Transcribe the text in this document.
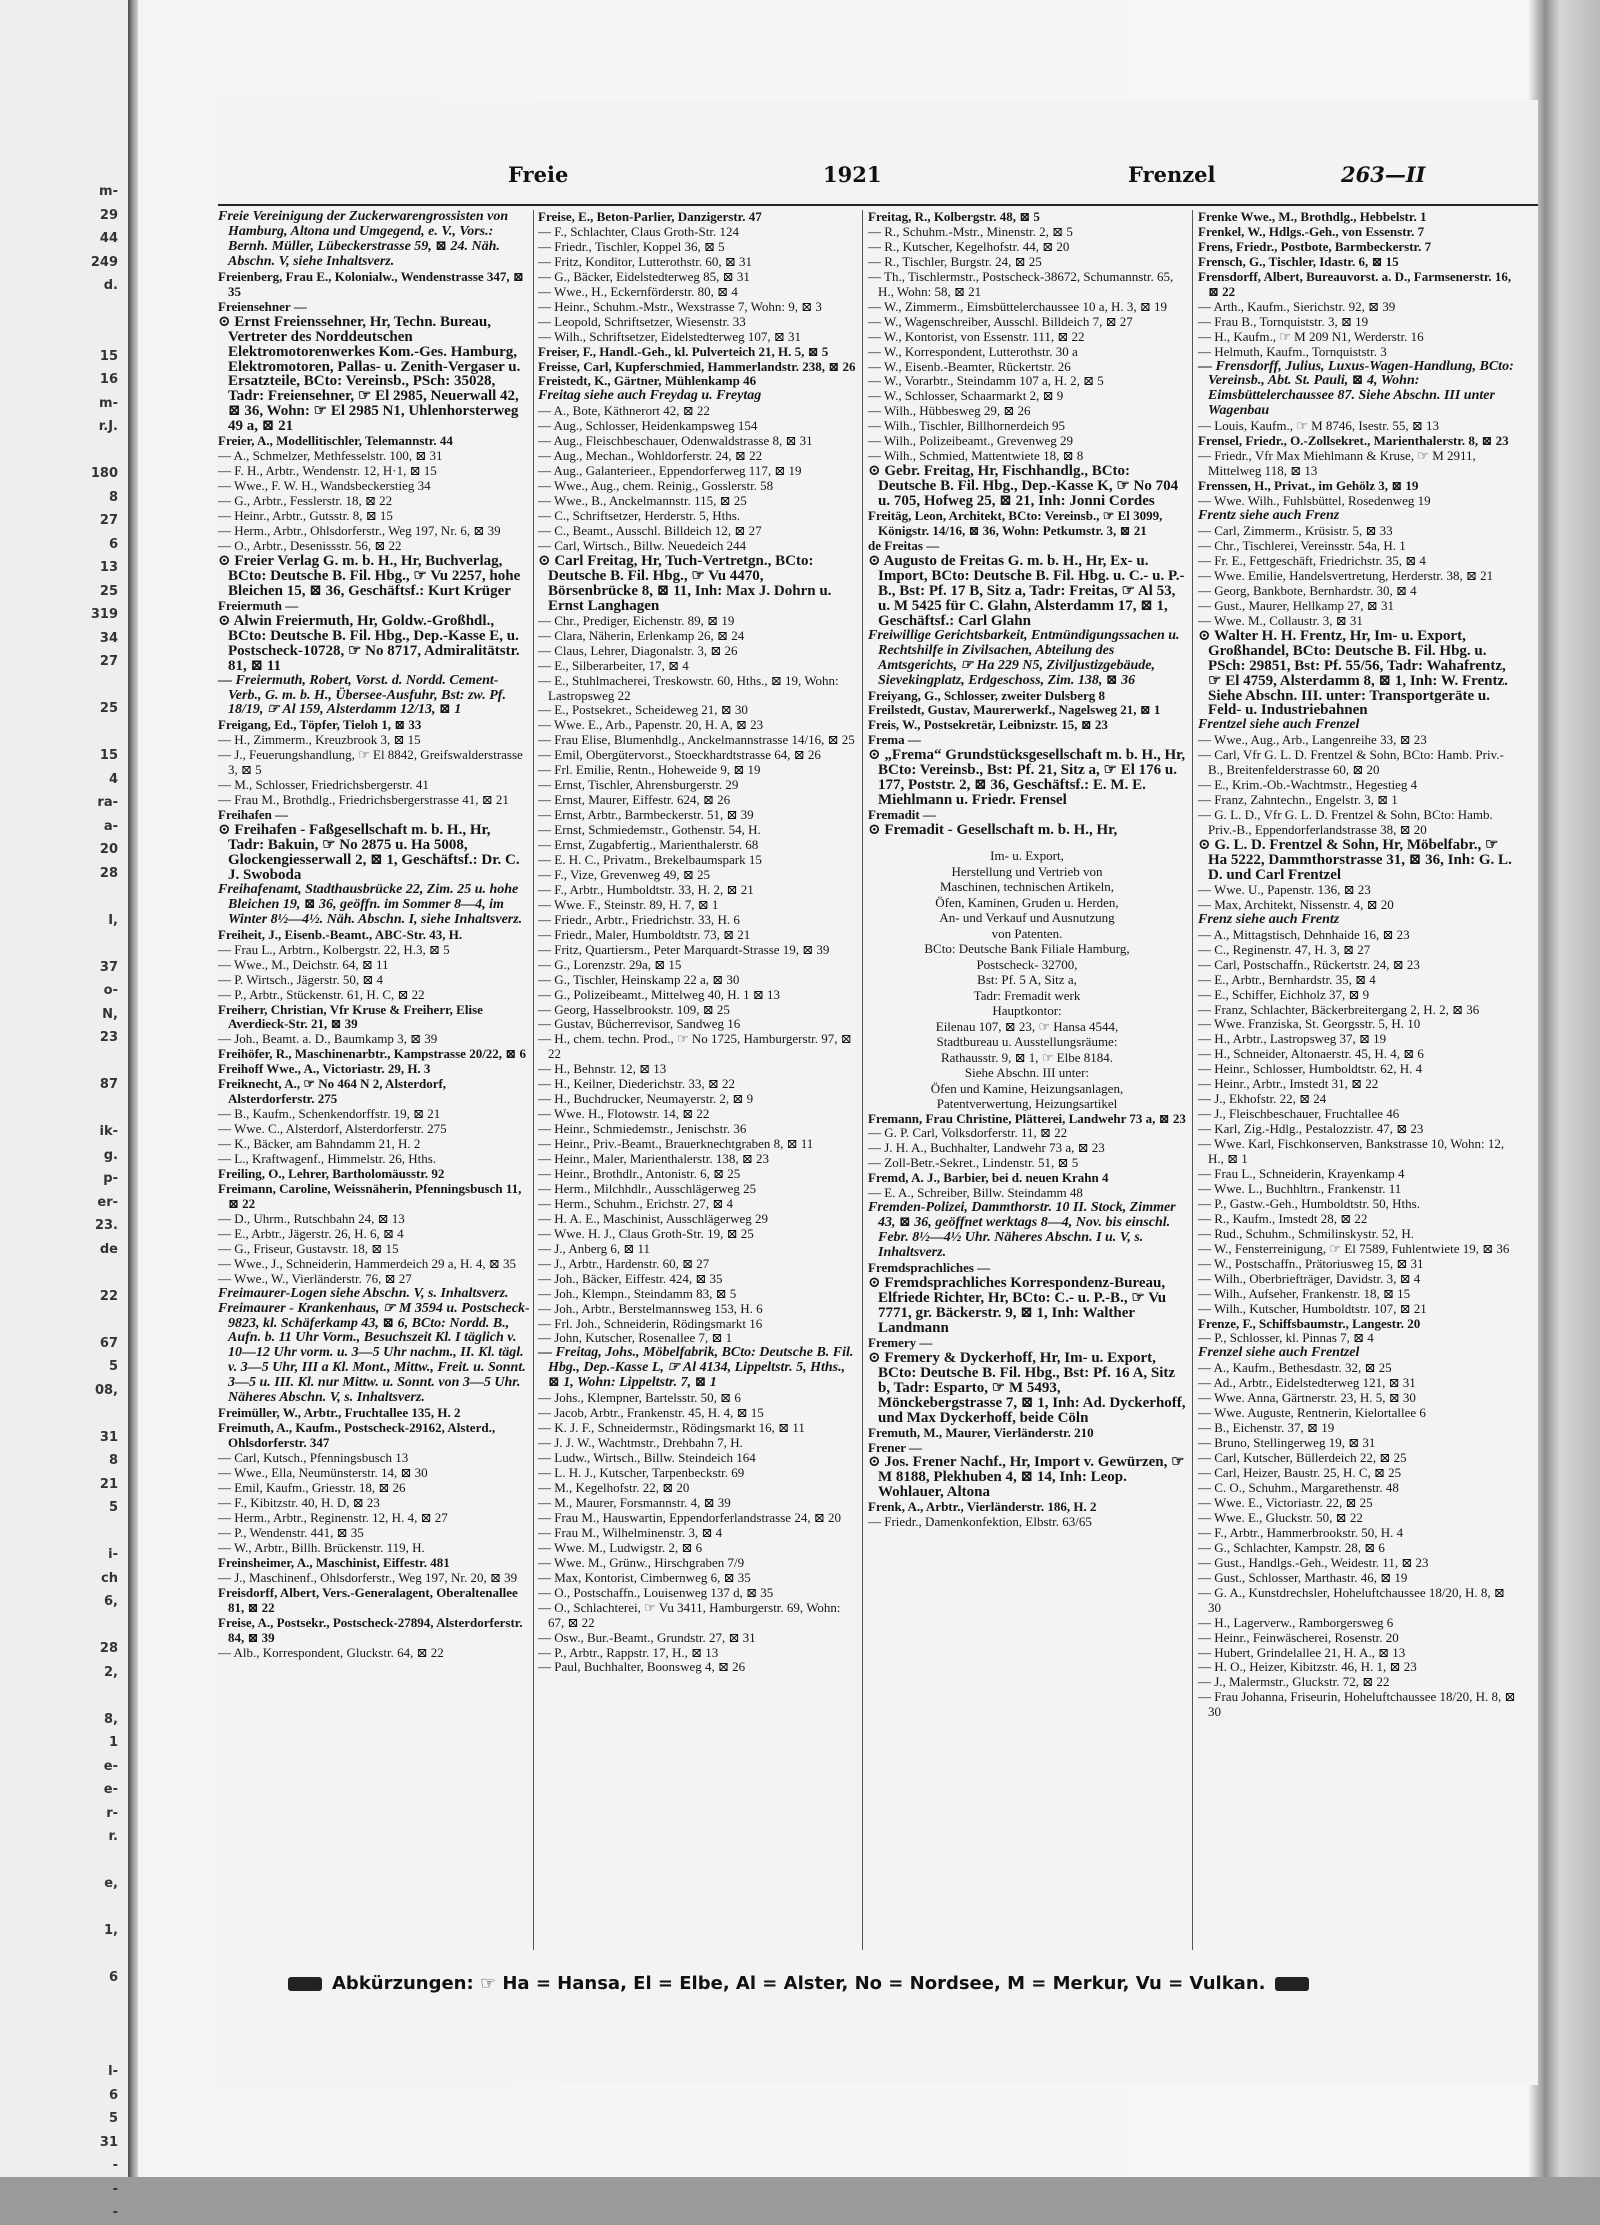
m-
29
44
249
d.

15
16
m-
r.J.

180
8
27
6
13
25
319
34
27

25

15
4
ra-
a-
20
28

I,

37
o-
N,
23

87

ik-
g.
p-
er-
23.
de

22

67
5
08,

31
8
21
5

i-
ch
6,

28
2,

8,
1
e-
e-
r-
r.

e,

1,

6

l-
6
5
31
-
-
-
Freie	1921	Frenzel	263—II

Freie Vereinigung der Zuckerwarengrossisten von Hamburg, Altona und Umgegend, e. V., Vors.: Bernh. Müller, Lübeckerstrasse 59, ⊠ 24. Näh. Abschn. V, siehe Inhaltsverz.

Freienberg, Frau E., Kolonialw., Wendenstrasse 347, ⊠ 35

Freiensehner —

⊙ Ernst Freienssehner, Hr, Techn. Bureau, Vertreter des Norddeutschen Elektromotorenwerkes Kom.-Ges. Hamburg, Elektromotoren, Pallas- u. Zenith-Vergaser u. Ersatzteile, BCto: Vereinsb., PSch: 35028, Tadr: Freiensehner, ☞ El 2985, Neuerwall 42, ⊠ 36, Wohn: ☞ El 2985 N1, Uhlenhorsterweg 49 a, ⊠ 21

Freier, A., Modellitischler, Telemannstr. 44

— A., Schmelzer, Methfesselstr. 100, ⊠ 31

— F. H., Arbtr., Wendenstr. 12, H·1, ⊠ 15

— Wwe., F. W. H., Wandsbeckerstieg 34

— G., Arbtr., Fesslerstr. 18, ⊠ 22

— Heinr., Arbtr., Gutsstr. 8, ⊠ 15

— Herm., Arbtr., Ohlsdorferstr., Weg 197, Nr. 6, ⊠ 39

— O., Arbtr., Desenissstr. 56, ⊠ 22

⊙ Freier Verlag G. m. b. H., Hr, Buchverlag, BCto: Deutsche B. Fil. Hbg., ☞ Vu 2257, hohe Bleichen 15, ⊠ 36, Geschäftsf.: Kurt Krüger

Freiermuth —

⊙ Alwin Freiermuth, Hr, Goldw.-Großhdl., BCto: Deutsche B. Fil. Hbg., Dep.-Kasse E, u. Postscheck-10728, ☞ No 8717, Admiralitätstr. 81, ⊠ 11

— Freiermuth, Robert, Vorst. d. Nordd. Cement-Verb., G. m. b. H., Übersee-Ausfuhr, Bst: zw. Pf. 18/19, ☞ Al 159, Alsterdamm 12/13, ⊠ 1

Freigang, Ed., Töpfer, Tieloh 1, ⊠ 33

— H., Zimmerm., Kreuzbrook 3, ⊠ 15

— J., Feuerungshandlung, ☞ El 8842, Greifswalderstrasse 3, ⊠ 5

— M., Schlosser, Friedrichsbergerstr. 41

— Frau M., Brothdlg., Friedrichsbergerstrasse 41, ⊠ 21

Freihafen —

⊙ Freihafen - Faßgesellschaft m. b. H., Hr, Tadr: Bakuin, ☞ No 2875 u. Ha 5008, Glockengiesserwall 2, ⊠ 1, Geschäftsf.: Dr. C. J. Swoboda

Freihafenamt, Stadthausbrücke 22, Zim. 25 u. hohe Bleichen 19, ⊠ 36, geöffn. im Sommer 8—4, im Winter 8½—4½. Näh. Abschn. I, siehe Inhaltsverz.

Freiheit, J., Eisenb.-Beamt., ABC-Str. 43, H.

— Frau L., Arbtrn., Kolbergstr. 22, H.3, ⊠ 5

— Wwe., M., Deichstr. 64, ⊠ 11

— P. Wirtsch., Jägerstr. 50, ⊠ 4

— P., Arbtr., Stückenstr. 61, H. C, ⊠ 22

Freiherr, Christian, Vfr Kruse & Freiherr, Elise Averdieck-Str. 21, ⊠ 39

— Joh., Beamt. a. D., Baumkamp 3, ⊠ 39

Freihöfer, R., Maschinenarbtr., Kampstrasse 20/22, ⊠ 6

Freihoff Wwe., A., Victoriastr. 29, H. 3

Freiknecht, A., ☞ No 464 N 2, Alsterdorf, Alsterdorferstr. 275

— B., Kaufm., Schenkendorffstr. 19, ⊠ 21

— Wwe. C., Alsterdorf, Alsterdorferstr. 275

— K., Bäcker, am Bahndamm 21, H. 2

— L., Kraftwagenf., Himmelstr. 26, Hths.

Freiling, O., Lehrer, Bartholomäusstr. 92

Freimann, Caroline, Weissnäherin, Pfenningsbusch 11, ⊠ 22

— D., Uhrm., Rutschbahn 24, ⊠ 13

— E., Arbtr., Jägerstr. 26, H. 6, ⊠ 4

— G., Friseur, Gustavstr. 18, ⊠ 15

— Wwe., J., Schneiderin, Hammerdeich 29 a, H. 4, ⊠ 35

— Wwe., W., Vierländerstr. 76, ⊠ 27

Freimaurer-Logen siehe Abschn. V, s. Inhaltsverz.

Freimaurer - Krankenhaus, ☞ M 3594 u. Postscheck-9823, kl. Schäferkamp 43, ⊠ 6, BCto: Nordd. B., Aufn. b. 11 Uhr Vorm., Besuchszeit Kl. I täglich v. 10—12 Uhr vorm. u. 3—5 Uhr nachm., II. Kl. tägl. v. 3—5 Uhr, III a Kl. Mont., Mittw., Freit. u. Sonnt. 3—5 u. III. Kl. nur Mittw. u. Sonnt. von 3—5 Uhr. Näheres Abschn. V, s. Inhaltsverz.

Freimüller, W., Arbtr., Fruchtallee 135, H. 2

Freimuth, A., Kaufm., Postscheck-29162, Alsterd., Ohlsdorferstr. 347

— Carl, Kutsch., Pfenningsbusch 13

— Wwe., Ella, Neumünsterstr. 14, ⊠ 30

— Emil, Kaufm., Griesstr. 18, ⊠ 26

— F., Kibitzstr. 40, H. D, ⊠ 23

— Herm., Arbtr., Reginenstr. 12, H. 4, ⊠ 27

— P., Wendenstr. 441, ⊠ 35

— W., Arbtr., Billh. Brückenstr. 119, H.

Freinsheimer, A., Maschinist, Eiffestr. 481

— J., Maschinenf., Ohlsdorferstr., Weg 197, Nr. 20, ⊠ 39

Freisdorff, Albert, Vers.-Generalagent, Oberaltenallee 81, ⊠ 22

Freise, A., Postsekr., Postscheck-27894, Alsterdorferstr. 84, ⊠ 39

— Alb., Korrespondent, Gluckstr. 64, ⊠ 22

Freise, E., Beton-Parlier, Danzigerstr. 47

— F., Schlachter, Claus Groth-Str. 124

— Friedr., Tischler, Koppel 36, ⊠ 5

— Fritz, Konditor, Lutterothstr. 60, ⊠ 31

— G., Bäcker, Eidelstedterweg 85, ⊠ 31

— Wwe., H., Eckernförderstr. 80, ⊠ 4

— Heinr., Schuhm.-Mstr., Wexstrasse 7, Wohn: 9, ⊠ 3

— Leopold, Schriftsetzer, Wiesenstr. 33

— Wilh., Schriftsetzer, Eidelstedterweg 107, ⊠ 31

Freiser, F., Handl.-Geh., kl. Pulverteich 21, H. 5, ⊠ 5

Freisse, Carl, Kupferschmied, Hammerlandstr. 238, ⊠ 26

Freistedt, K., Gärtner, Mühlenkamp 46

Freitag siehe auch Freydag u. Freytag

— A., Bote, Käthnerort 42, ⊠ 22

— Aug., Schlosser, Heidenkampsweg 154

— Aug., Fleischbeschauer, Odenwaldstrasse 8, ⊠ 31

— Aug., Mechan., Wohldorferstr. 24, ⊠ 22

— Aug., Galanterieer., Eppendorferweg 117, ⊠ 19

— Wwe., Aug., chem. Reinig., Gosslerstr. 58

— Wwe., B., Anckelmannstr. 115, ⊠ 25

— C., Schriftsetzer, Herderstr. 5, Hths.

— C., Beamt., Ausschl. Billdeich 12, ⊠ 27

— Carl, Wirtsch., Billw. Neuedeich 244

⊙ Carl Freitag, Hr, Tuch-Vertretgn., BCto: Deutsche B. Fil. Hbg., ☞ Vu 4470, Börsenbrücke 8, ⊠ 11, Inh: Max J. Dohrn u. Ernst Langhagen

— Chr., Prediger, Eichenstr. 89, ⊠ 19

— Clara, Näherin, Erlenkamp 26, ⊠ 24

— Claus, Lehrer, Diagonalstr. 3, ⊠ 26

— E., Silberarbeiter, 17, ⊠ 4

— E., Stuhlmacherei, Treskowstr. 60, Hths., ⊠ 19, Wohn: Lastropsweg 22

— E., Postsekret., Scheideweg 21, ⊠ 30

— Wwe. E., Arb., Papenstr. 20, H. A, ⊠ 23

— Frau Elise, Blumenhdlg., Anckelmannstrasse 14/16, ⊠ 25

— Emil, Obergütervorst., Stoeckhardtstrasse 64, ⊠ 26

— Frl. Emilie, Rentn., Hoheweide 9, ⊠ 19

— Ernst, Tischler, Ahrensburgerstr. 29

— Ernst, Maurer, Eiffestr. 624, ⊠ 26

— Ernst, Arbtr., Barmbeckerstr. 51, ⊠ 39

— Ernst, Schmiedemstr., Gothenstr. 54, H.

— Ernst, Zugabfertig., Marienthalerstr. 68

— E. H. C., Privatm., Brekelbaumspark 15

— F., Vize, Grevenweg 49, ⊠ 25

— F., Arbtr., Humboldtstr. 33, H. 2, ⊠ 21

— Wwe. F., Steinstr. 89, H. 7, ⊠ 1

— Friedr., Arbtr., Friedrichstr. 33, H. 6

— Friedr., Maler, Humboldtstr. 73, ⊠ 21

— Fritz, Quartiersm., Peter Marquardt-Strasse 19, ⊠ 39

— G., Lorenzstr. 29a, ⊠ 15

— G., Tischler, Heinskamp 22 a, ⊠ 30

— G., Polizeibeamt., Mittelweg 40, H. 1 ⊠ 13

— Georg, Hasselbrookstr. 109, ⊠ 25

— Gustav, Bücherrevisor, Sandweg 16

— H., chem. techn. Prod., ☞ No 1725, Hamburgerstr. 97, ⊠ 22

— H., Behnstr. 12, ⊠ 13

— H., Keilner, Diederichstr. 33, ⊠ 22

— H., Buchdrucker, Neumayerstr. 2, ⊠ 9

— Wwe. H., Flotowstr. 14, ⊠ 22

— Heinr., Schmiedemstr., Jenischstr. 36

— Heinr., Priv.-Beamt., Brauerknechtgraben 8, ⊠ 11

— Heinr., Maler, Marienthalerstr. 138, ⊠ 23

— Heinr., Brothdlr., Antonistr. 6, ⊠ 25

— Herm., Milchhdlr., Ausschlägerweg 25

— Herm., Schuhm., Erichstr. 27, ⊠ 4

— H. A. E., Maschinist, Ausschlägerweg 29

— Wwe. H. J., Claus Groth-Str. 19, ⊠ 25

— J., Anberg 6, ⊠ 11

— J., Arbtr., Hardenstr. 60, ⊠ 27

— Joh., Bäcker, Eiffestr. 424, ⊠ 35

— Joh., Klempn., Steindamm 83, ⊠ 5

— Joh., Arbtr., Berstelmannsweg 153, H. 6

— Frl. Joh., Schneiderin, Rödingsmarkt 16

— John, Kutscher, Rosenallee 7, ⊠ 1

— Freitag, Johs., Möbelfabrik, BCto: Deutsche B. Fil. Hbg., Dep.-Kasse L, ☞ Al 4134, Lippeltstr. 5, Hths., ⊠ 1, Wohn: Lippeltstr. 7, ⊠ 1

— Johs., Klempner, Bartelsstr. 50, ⊠ 6

— Jacob, Arbtr., Frankenstr. 45, H. 4, ⊠ 15

— K. J. F., Schneidermstr., Rödingsmarkt 16, ⊠ 11

— J. J. W., Wachtmstr., Drehbahn 7, H.

— Ludw., Wirtsch., Billw. Steindeich 164

— L. H. J., Kutscher, Tarpenbeckstr. 69

— M., Kegelhofstr. 22, ⊠ 20

— M., Maurer, Forsmannstr. 4, ⊠ 39

— Frau M., Hauswartin, Eppendorferlandstrasse 24, ⊠ 20

— Frau M., Wilhelminenstr. 3, ⊠ 4

— Wwe. M., Ludwigstr. 2, ⊠ 6

— Wwe. M., Grünw., Hirschgraben 7/9

— Max, Kontorist, Cimbernweg 6, ⊠ 35

— O., Postschaffn., Louisenweg 137 d, ⊠ 35

— O., Schlachterei, ☞ Vu 3411, Hamburgerstr. 69, Wohn: 67, ⊠ 22

— Osw., Bur.-Beamt., Grundstr. 27, ⊠ 31

— P., Arbtr., Rappstr. 17, H., ⊠ 13

— Paul, Buchhalter, Boonsweg 4, ⊠ 26

Freitag, R., Kolbergstr. 48, ⊠ 5

— R., Schuhm.-Mstr., Minenstr. 2, ⊠ 5

— R., Kutscher, Kegelhofstr. 44, ⊠ 20

— R., Tischler, Burgstr. 24, ⊠ 25

— Th., Tischlermstr., Postscheck-38672, Schumannstr. 65, H., Wohn: 58, ⊠ 21

— W., Zimmerm., Eimsbüttelerchaussee 10 a, H. 3, ⊠ 19

— W., Wagenschreiber, Ausschl. Billdeich 7, ⊠ 27

— W., Kontorist, von Essenstr. 111, ⊠ 22

— W., Korrespondent, Lutterothstr. 30 a

— W., Eisenb.-Beamter, Rückertstr. 26

— W., Vorarbtr., Steindamm 107 a, H. 2, ⊠ 5

— W., Schlosser, Schaarmarkt 2, ⊠ 9

— Wilh., Hübbesweg 29, ⊠ 26

— Wilh., Tischler, Billhornerdeich 95

— Wilh., Polizeibeamt., Grevenweg 29

— Wilh., Schmied, Mattentwiete 18, ⊠ 8

⊙ Gebr. Freitag, Hr, Fischhandlg., BCto: Deutsche B. Fil. Hbg., Dep.-Kasse K, ☞ No 704 u. 705, Hofweg 25, ⊠ 21, Inh: Jonni Cordes

Freitäg, Leon, Architekt, BCto: Vereinsb., ☞ El 3099, Königstr. 14/16, ⊠ 36, Wohn: Petkumstr. 3, ⊠ 21

de Freitas —

⊙ Augusto de Freitas G. m. b. H., Hr, Ex- u. Import, BCto: Deutsche B. Fil. Hbg. u. C.- u. P.-B., Bst: Pf. 17 B, Sitz a, Tadr: Freitas, ☞ Al 53, u. M 5425 für C. Glahn, Alsterdamm 17, ⊠ 1, Geschäftsf.: Carl Glahn

Freiwillige Gerichtsbarkeit, Entmündigungssachen u. Rechtshilfe in Zivilsachen, Abteilung des Amtsgerichts, ☞ Ha 229 N5, Ziviljustizgebäude, Sievekingplatz, Erdgeschoss, Zim. 138, ⊠ 36

Freiyang, G., Schlosser, zweiter Dulsberg 8

Freilstedt, Gustav, Maurerwerkf., Nagelsweg 21, ⊠ 1

Freis, W., Postsekretär, Leibnizstr. 15, ⊠ 23

Frema —

⊙ „Frema“ Grundstücksgesellschaft m. b. H., Hr, BCto: Vereinsb., Bst: Pf. 21, Sitz a, ☞ El 176 u. 177, Poststr. 2, ⊠ 36, Geschäftsf.: E. M. E. Miehlmann u. Friedr. Frensel

Fremadit —

⊙ Fremadit - Gesellschaft m. b. H., Hr,

Im- u. Export,

Herstellung und Vertrieb von

Maschinen, technischen Artikeln,

Öfen, Kaminen, Gruden u. Herden,

An- und Verkauf und Ausnutzung

von Patenten.

BCto: Deutsche Bank Filiale Hamburg,

Postscheck- 32700,

Bst: Pf. 5 A, Sitz a,

Tadr: Fremadit werk

Hauptkontor:

Eilenau 107, ⊠ 23, ☞ Hansa 4544,

Stadtbureau u. Ausstellungsräume:

Rathausstr. 9, ⊠ 1, ☞ Elbe 8184.

Siehe Abschn. III unter:

Öfen und Kamine, Heizungsanlagen,

Patentverwertung, Heizungsartikel

Fremann, Frau Christine, Plätterei, Landwehr 73 a, ⊠ 23

— G. P. Carl, Volksdorferstr. 11, ⊠ 22

— J. H. A., Buchhalter, Landwehr 73 a, ⊠ 23

— Zoll-Betr.-Sekret., Lindenstr. 51, ⊠ 5

Fremd, A. J., Barbier, bei d. neuen Krahn 4

— E. A., Schreiber, Billw. Steindamm 48

Fremden-Polizei, Dammthorstr. 10 II. Stock, Zimmer 43, ⊠ 36, geöffnet werktags 8—4, Nov. bis einschl. Febr. 8½—4½ Uhr. Näheres Abschn. I u. V, s. Inhaltsverz.

Fremdsprachliches —

⊙ Fremdsprachliches Korrespondenz-Bureau, Elfriede Richter, Hr, BCto: C.- u. P.-B., ☞ Vu 7771, gr. Bäckerstr. 9, ⊠ 1, Inh: Walther Landmann

Fremery —

⊙ Fremery & Dyckerhoff, Hr, Im- u. Export, BCto: Deutsche B. Fil. Hbg., Bst: Pf. 16 A, Sitz b, Tadr: Esparto, ☞ M 5493, Mönckebergstrasse 7, ⊠ 1, Inh: Ad. Dyckerhoff, und Max Dyckerhoff, beide Cöln

Fremuth, M., Maurer, Vierländerstr. 210

Frener —

⊙ Jos. Frener Nachf., Hr, Import v. Gewürzen, ☞ M 8188, Plekhuben 4, ⊠ 14, Inh: Leop. Wohlauer, Altona

Frenk, A., Arbtr., Vierländerstr. 186, H. 2

— Friedr., Damenkonfektion, Elbstr. 63/65

Frenke Wwe., M., Brothdlg., Hebbelstr. 1

Frenkel, W., Hdlgs.-Geh., von Essenstr. 7

Frens, Friedr., Postbote, Barmbeckerstr. 7

Frensch, G., Tischler, Idastr. 6, ⊠ 15

Frensdorff, Albert, Bureauvorst. a. D., Farmsenerstr. 16, ⊠ 22

— Arth., Kaufm., Sierichstr. 92, ⊠ 39

— Frau B., Tornquiststr. 3, ⊠ 19

— H., Kaufm., ☞ M 209 N1, Werderstr. 16

— Helmuth, Kaufm., Tornquiststr. 3

— Frensdorff, Julius, Luxus-Wagen-Handlung, BCto: Vereinsb., Abt. St. Pauli, ⊠ 4, Wohn: Eimsbüttelerchaussee 87. Siehe Abschn. III unter Wagenbau

— Louis, Kaufm., ☞ M 8746, Isestr. 55, ⊠ 13

Frensel, Friedr., O.-Zollsekret., Marienthalerstr. 8, ⊠ 23

— Friedr., Vfr Max Miehlmann & Kruse, ☞ M 2911, Mittelweg 118, ⊠ 13

Frenssen, H., Privat., im Gehölz 3, ⊠ 19

— Wwe. Wilh., Fuhlsbüttel, Rosedenweg 19

Frentz siehe auch Frenz

— Carl, Zimmerm., Krüsistr. 5, ⊠ 33

— Chr., Tischlerei, Vereinsstr. 54a, H. 1

— Fr. E., Fettgeschäft, Friedrichstr. 35, ⊠ 4

— Wwe. Emilie, Handelsvertretung, Herderstr. 38, ⊠ 21

— Georg, Bankbote, Bernhardstr. 30, ⊠ 4

— Gust., Maurer, Hellkamp 27, ⊠ 31

— Wwe. M., Collaustr. 3, ⊠ 31

⊙ Walter H. H. Frentz, Hr, Im- u. Export, Großhandel, BCto: Deutsche B. Fil. Hbg. u. PSch: 29851, Bst: Pf. 55/56, Tadr: Wahafrentz, ☞ El 4759, Alsterdamm 8, ⊠ 1, Inh: W. Frentz. Siehe Abschn. III. unter: Transportgeräte u. Feld- u. Industriebahnen

Frentzel siehe auch Frenzel

— Wwe., Aug., Arb., Langenreihe 33, ⊠ 23

— Carl, Vfr G. L. D. Frentzel & Sohn, BCto: Hamb. Priv.-B., Breitenfelderstrasse 60, ⊠ 20

— E., Krim.-Ob.-Wachtmstr., Hegestieg 4

— Franz, Zahntechn., Engelstr. 3, ⊠ 1

— G. L. D., Vfr G. L. D. Frentzel & Sohn, BCto: Hamb. Priv.-B., Eppendorferlandstrasse 38, ⊠ 20

⊙ G. L. D. Frentzel & Sohn, Hr, Möbelfabr., ☞ Ha 5222, Dammthorstrasse 31, ⊠ 36, Inh: G. L. D. und Carl Frentzel

— Wwe. U., Papenstr. 136, ⊠ 23

— Max, Architekt, Nissenstr. 4, ⊠ 20

Frenz siehe auch Frentz

— A., Mittagstisch, Dehnhaide 16, ⊠ 23

— C., Reginenstr. 47, H. 3, ⊠ 27

— Carl, Postschaffn., Rückertstr. 24, ⊠ 23

— E., Arbtr., Bernhardstr. 35, ⊠ 4

— E., Schiffer, Eichholz 37, ⊠ 9

— Franz, Schlachter, Bäckerbreitergang 2, H. 2, ⊠ 36

— Wwe. Franziska, St. Georgsstr. 5, H. 10

— H., Arbtr., Lastropsweg 37, ⊠ 19

— H., Schneider, Altonaerstr. 45, H. 4, ⊠ 6

— Heinr., Schlosser, Humboldtstr. 62, H. 4

— Heinr., Arbtr., Imstedt 31, ⊠ 22

— J., Ekhofstr. 22, ⊠ 24

— J., Fleischbeschauer, Fruchtallee 46

— Karl, Zig.-Hdlg., Pestalozzistr. 47, ⊠ 23

— Wwe. Karl, Fischkonserven, Bankstrasse 10, Wohn: 12, H., ⊠ 1

— Frau L., Schneiderin, Krayenkamp 4

— Wwe. L., Buchhltrn., Frankenstr. 11

— P., Gastw.-Geh., Humboldtstr. 50, Hths.

— R., Kaufm., Imstedt 28, ⊠ 22

— Rud., Schuhm., Schmilinskystr. 52, H.

— W., Fensterreinigung, ☞ El 7589, Fuhlentwiete 19, ⊠ 36

— W., Postschaffn., Prätoriusweg 15, ⊠ 31

— Wilh., Oberbriefträger, Davidstr. 3, ⊠ 4

— Wilh., Aufseher, Frankenstr. 18, ⊠ 15

— Wilh., Kutscher, Humboldtstr. 107, ⊠ 21

Frenze, F., Schiffsbaumstr., Langestr. 20

— P., Schlosser, kl. Pinnas 7, ⊠ 4

Frenzel siehe auch Frentzel

— A., Kaufm., Bethesdastr. 32, ⊠ 25

— Ad., Arbtr., Eidelstedterweg 121, ⊠ 31

— Wwe. Anna, Gärtnerstr. 23, H. 5, ⊠ 30

— Wwe. Auguste, Rentnerin, Kielortallee 6

— B., Eichenstr. 37, ⊠ 19

— Bruno, Stellingerweg 19, ⊠ 31

— Carl, Kutscher, Büllerdeich 22, ⊠ 25

— Carl, Heizer, Baustr. 25, H. C, ⊠ 25

— C. O., Schuhm., Margarethenstr. 48

— Wwe. E., Victoriastr. 22, ⊠ 25

— Wwe. E., Gluckstr. 50, ⊠ 22

— F., Arbtr., Hammerbrookstr. 50, H. 4

— G., Schlachter, Kampstr. 28, ⊠ 6

— Gust., Handlgs.-Geh., Weidestr. 11, ⊠ 23

— Gust., Schlosser, Marthastr. 46, ⊠ 19

— G. A., Kunstdrechsler, Hoheluftchaussee 18/20, H. 8, ⊠ 30

— H., Lagerverw., Ramborgersweg 6

— Heinr., Feinwäscherei, Rosenstr. 20

— Hubert, Grindelallee 21, H. A., ⊠ 13

— H. O., Heizer, Kibitzstr. 46, H. 1, ⊠ 23

— J., Malermstr., Gluckstr. 72, ⊠ 22

— Frau Johanna, Friseurin, Hoheluftchaussee 18/20, H. 8, ⊠ 30

Abkürzungen: ☞ Ha = Hansa, El = Elbe, Al = Alster, No = Nordsee, M = Merkur, Vu = Vulkan.
